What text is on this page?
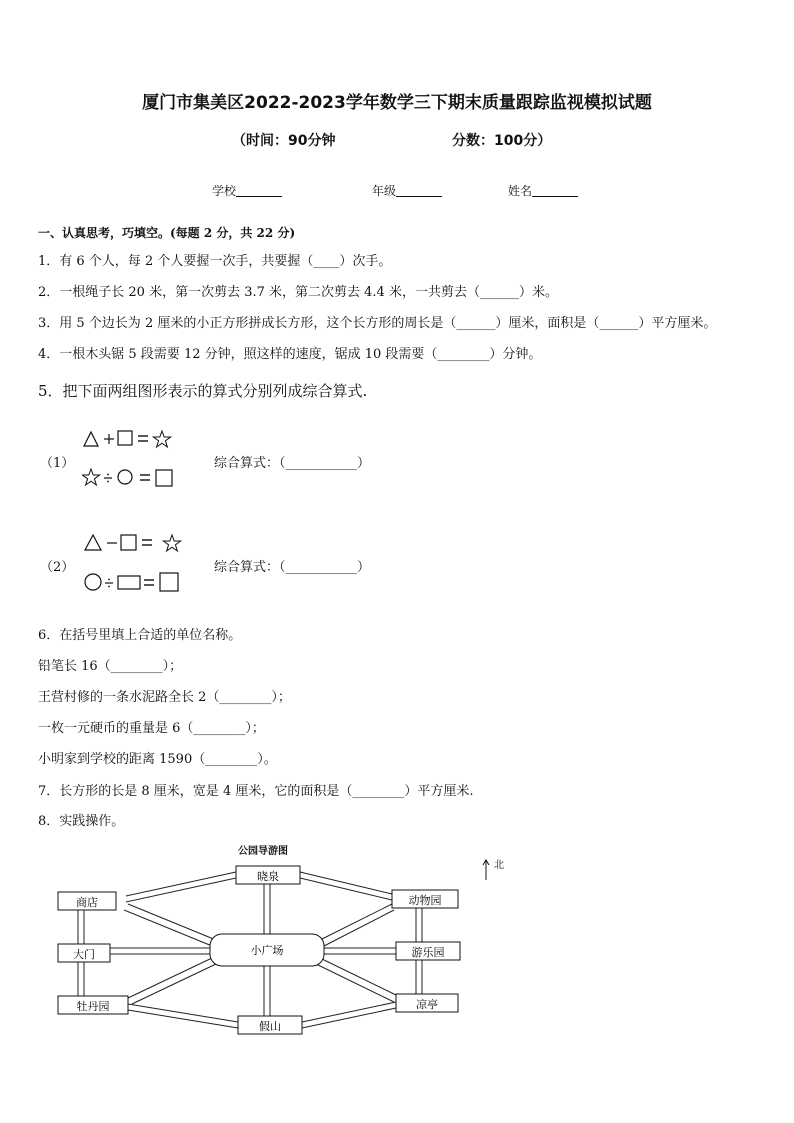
厦门市集美区2022-2023学年数学三下期末质量跟踪监视模拟试题
（时间：90分钟	分数：100分）
学校	年级	姓名
一、认真思考，巧填空。(每题 2 分，共 22 分)
1．有 6 个人，每 2 个人要握一次手，共要握（____）次手。
2．一根绳子长 20 米，第一次剪去 3.7 米，第二次剪去 4.4 米，一共剪去（______）米。
3．用 5 个边长为 2 厘米的小正方形拼成长方形，这个长方形的周长是（______）厘米，面积是（______）平方厘米。
4．一根木头锯 5 段需要 12 分钟，照这样的速度，锯成 10 段需要（________）分钟。
5．把下面两组图形表示的算式分别列成综合算式.
（1）	综合算式：（___________）
（2）	综合算式：（___________）
6．在括号里填上合适的单位名称。
铅笔长 16（________）；
王营村修的一条水泥路全长 2（________）；
一枚一元硬币的重量是 6（________）；
小明家到学校的距离 1590（________）。
7．长方形的长是 8 厘米，宽是 4 厘米，它的面积是（________）平方厘米.
8．实践操作。
公园导游图
北
晓泉
商店	动物园
大门	小广场	游乐园
牡丹园
假山
凉亭
